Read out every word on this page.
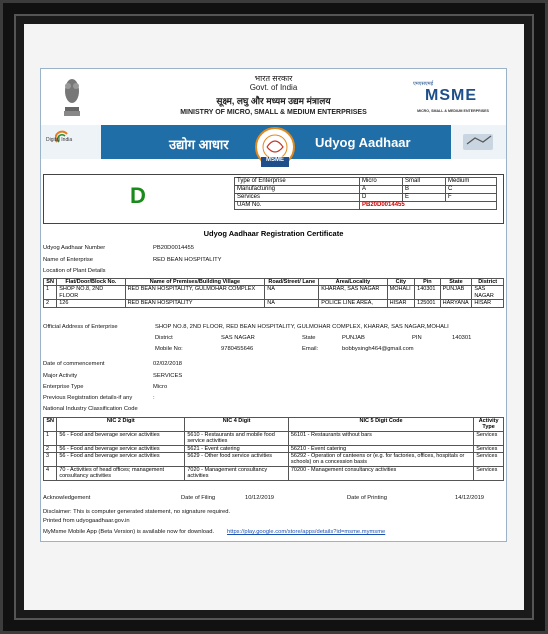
भारत सरकार
Govt. of India
सूक्ष्म, लघु और मध्यम उद्यम मंत्रालय
MINISTRY OF MICRO, SMALL & MEDIUM ENTERPRISES
एमएसएमई
MSME
MICRO, SMALL & MEDIUM ENTERPRISES
उद्योग आधार	Udyog Aadhaar
Digital India
MSME
D
Type of Enterprise	Micro	Small	Medium
Manufacturing	A	B	C
Services	D	E	F
UAM No.	PB20D0014455		
Udyog Aadhaar Registration Certificate
Udyog Aadhaar Number	PB20D0014455
Name of Enterprise	RED BEAN HOSPITALITY
Location of Plant Details
SN	Flat/Door/Block No.	Name of Premises/Building Village	Road/Street/ Lane	Area/Locality	City	Pin	State	District
1	SHOP NO.8, 2ND FLOOR	RED BEAN HOSPITALITY, GULMOHAR COMPLEX	NA	KHARAR, SAS NAGAR	MOHALI	140301	PUNJAB	SAS NAGAR
2	126	RED BEAN HOSPITALITY	NA	POLICE LINE AREA,	HISAR	125001	HARYANA	HISAR
Official Address of Enterprise	SHOP NO.8, 2ND FLOOR, RED BEAN HOSPITALITY, GULMOHAR COMPLEX, KHARAR, SAS NAGAR,MOHALI
District	SAS NAGAR	State	PUNJAB	PIN	140301
Mobile No:	9780455646	Email:	bobbysingh464@gmail.com
Date of commencement	02/02/2018
Major Activity	SERVICES
Enterprise Type	Micro
Previous Registration details-if any	:
National Industry Classification Code
SN	NIC 2 Digit	NIC 4 Digit	NIC 5 Digit Code	Activity Type
1	56 - Food and beverage service activities	5610 - Restaurants and mobile food service activities	56101 - Restaurants without bars	Services
2	56 - Food and beverage service activities	5621 - Event catering	56210 - Event catering	Services
3	56 - Food and beverage service activities	5629 - Other food service activities	56292 - Operation of canteens or (e.g. for factories, offices, hospitals or schools) on a concession basis	Services
4	70 - Activities of head offices; management consultancy activities	7020 - Management consultancy activities	70200 - Management consultancy activities	Services
Acknowledgement	Date of Filing	10/12/2019	Date of Printing	14/12/2019
Disclaimer: This is computer generated statement, no signature required.
Printed from udyogaadhaar.gov.in
MyMsme Mobile App (Beta Version) is available now for download. https://play.google.com/store/apps/details?id=msme.mymsme
